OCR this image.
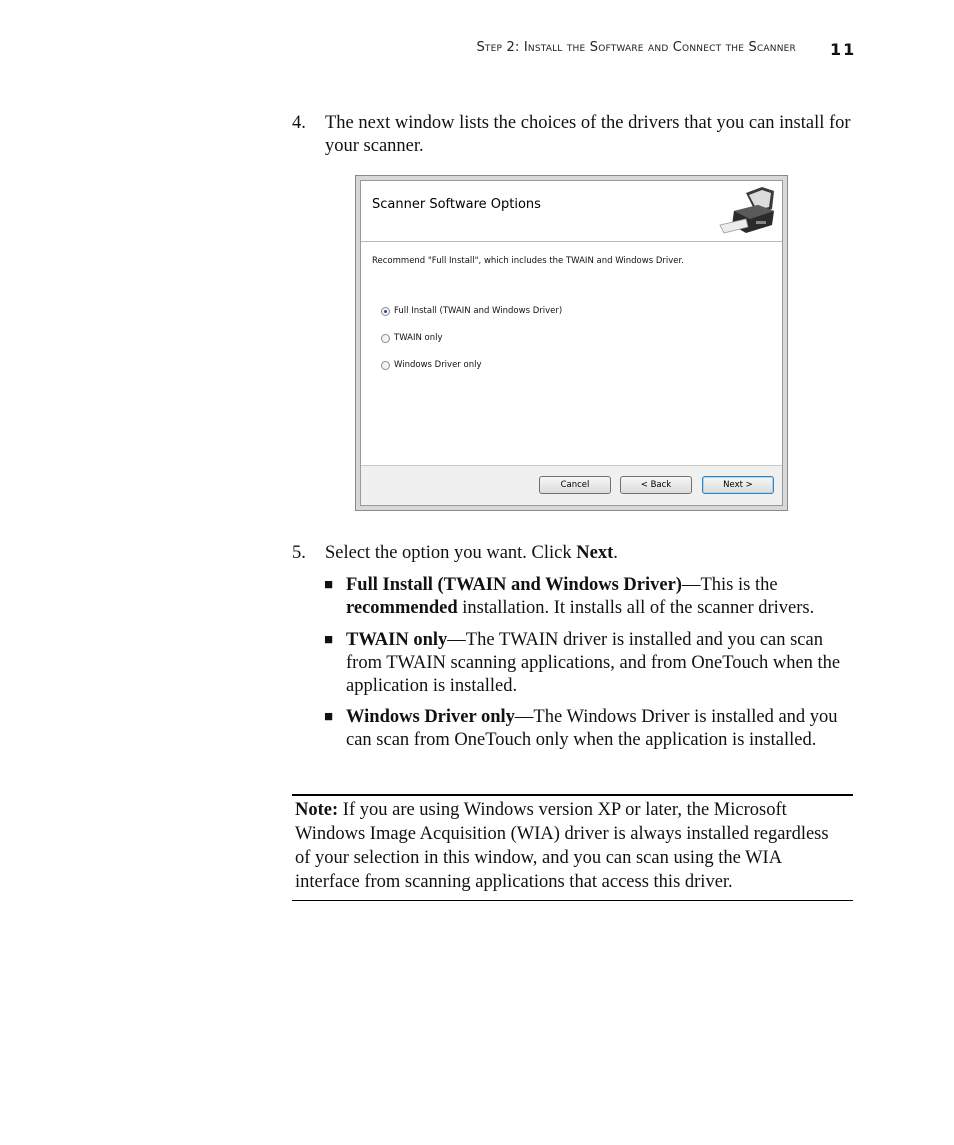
Step 2: Install the Software and Connect the Scanner 11
4. The next window lists the choices of the drivers that you can install for your scanner.
Scanner Software Options
Recommend "Full Install", which includes the TWAIN and Windows Driver.
Full Install (TWAIN and Windows Driver)
TWAIN only
Windows Driver only
Cancel	< Back	Next >
5. Select the option you want. Click Next.
■ Full Install (TWAIN and Windows Driver)—This is the recommended installation. It installs all of the scanner drivers.
■ TWAIN only—The TWAIN driver is installed and you can scan from TWAIN scanning applications, and from OneTouch when the application is installed.
■ Windows Driver only—The Windows Driver is installed and you can scan from OneTouch only when the application is installed.
Note: If you are using Windows version XP or later, the Microsoft Windows Image Acquisition (WIA) driver is always installed regardless of your selection in this window, and you can scan using the WIA interface from scanning applications that access this driver.
